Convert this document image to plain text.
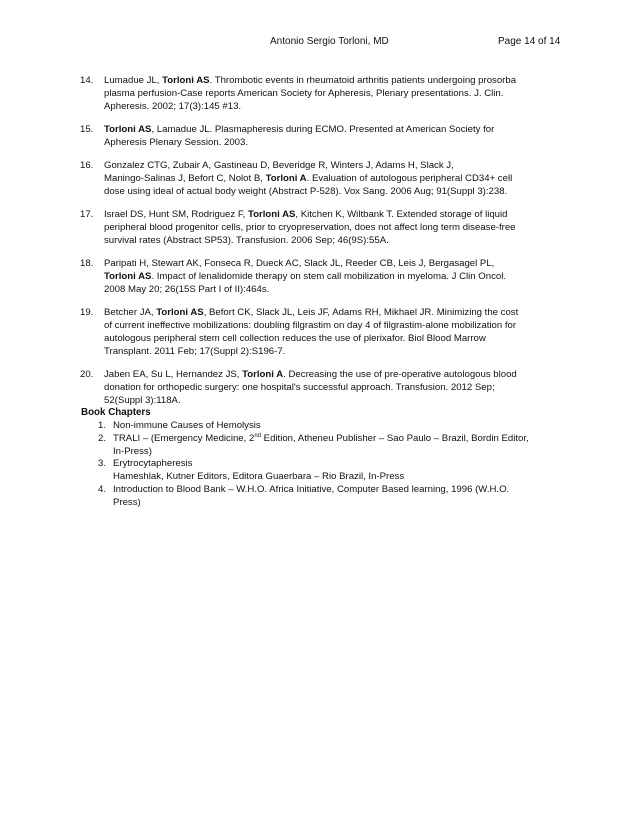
Antonio Sergio Torloni, MD	Page 14 of 14
14.	Lumadue JL, Torloni AS. Thrombotic events in rheumatoid arthritis patients undergoing prosorba
plasma perfusion-Case reports American Society for Apheresis, Plenary presentations. J. Clin.
Apheresis. 2002; 17(3):145 #13.
15.	Torloni AS, Lamadue JL. Plasmapheresis during ECMO. Presented at American Society for
Apheresis Plenary Session. 2003.
16.	Gonzalez CTG, Zubair A, Gastineau D, Beveridge R, Winters J, Adams H, Slack J,
Maningo-Salinas J, Befort C, Nolot B, Torloni A. Evaluation of autologous peripheral CD34+ cell
dose using ideal of actual body weight (Abstract P-528). Vox Sang. 2006 Aug; 91(Suppl 3):238.
17.	Israel DS, Hunt SM, Rodriguez F, Torloni AS, Kitchen K, Wiltbank T. Extended storage of liquid
peripheral blood progenitor cells, prior to cryopreservation, does not affect long term disease-free
survival rates (Abstract SP53). Transfusion. 2006 Sep; 46(9S):55A.
18.	Paripati H, Stewart AK, Fonseca R, Dueck AC, Slack JL, Reeder CB, Leis J, Bergasagel PL,
Torloni AS. Impact of lenalidomide therapy on stem call mobilization in myeloma. J Clin Oncol.
2008 May 20; 26(15S Part I of II):464s.
19.	Betcher JA, Torloni AS, Befort CK, Slack JL, Leis JF, Adams RH, Mikhael JR. Minimizing the cost
of current ineffective mobilizations: doubling filgrastim on day 4 of filgrastim-alone mobilization for
autologous peripheral stem cell collection reduces the use of plerixafor. Biol Blood Marrow
Transplant. 2011 Feb; 17(Suppl 2):S196-7.
20.	Jaben EA, Su L, Hernandez JS, Torloni A. Decreasing the use of pre-operative autologous blood
donation for orthopedic surgery: one hospital's successful approach. Transfusion. 2012 Sep;
52(Suppl 3):118A.
Book Chapters
1. Non-immune Causes of Hemolysis
2. TRALI – (Emergency Medicine, 2nd Edition, Atheneu Publisher – Sao Paulo – Brazil, Bordin Editor,
In-Press)
3. Erytrocytapheresis
Hameshlak, Kutner Editors, Editora Guaerbara – Rio Brazil, In-Press
4. Introduction to Blood Bank – W.H.O. Africa Initiative, Computer Based learning, 1996 (W.H.O.
Press)
